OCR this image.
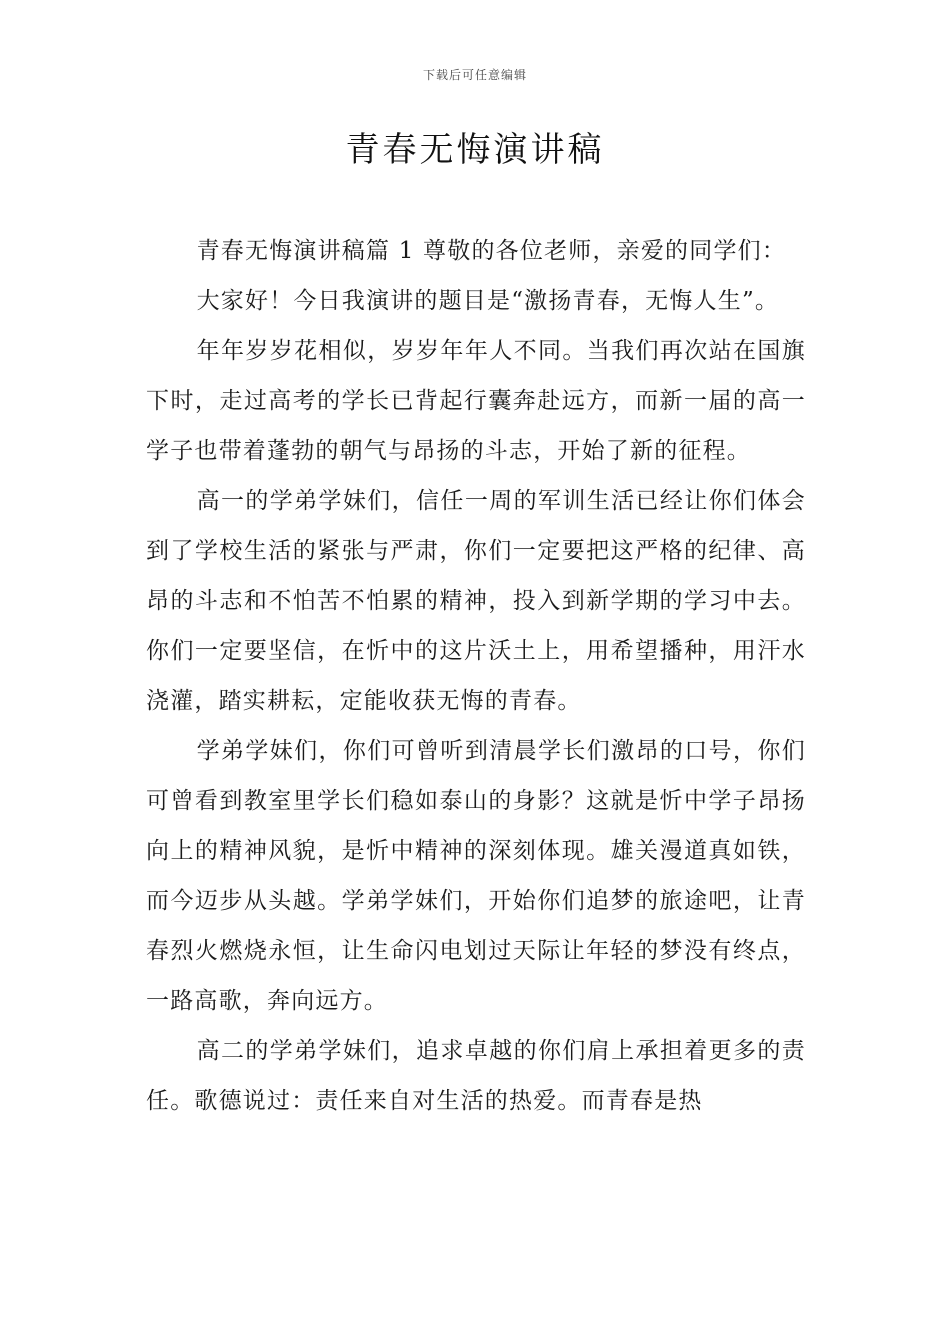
下载后可任意编辑
青春无悔演讲稿

青春无悔演讲稿篇 1 尊敬的各位老师，亲爱的同学们：

大家好！今日我演讲的题目是“激扬青春，无悔人生”。

年年岁岁花相似，岁岁年年人不同。当我们再次站在国旗下时，走过高考的学长已背起行囊奔赴远方，而新一届的高一学子也带着蓬勃的朝气与昂扬的斗志，开始了新的征程。

高一的学弟学妹们，信任一周的军训生活已经让你们体会到了学校生活的紧张与严肃，你们一定要把这严格的纪律、高昂的斗志和不怕苦不怕累的精神，投入到新学期的学习中去。你们一定要坚信，在忻中的这片沃土上，用希望播种，用汗水浇灌，踏实耕耘，定能收获无悔的青春。

学弟学妹们，你们可曾听到清晨学长们激昂的口号，你们可曾看到教室里学长们稳如泰山的身影？这就是忻中学子昂扬向上的精神风貌，是忻中精神的深刻体现。雄关漫道真如铁，而今迈步从头越。学弟学妹们，开始你们追梦的旅途吧，让青春烈火燃烧永恒，让生命闪电划过天际让年轻的梦没有终点，一路高歌，奔向远方。

高二的学弟学妹们，追求卓越的你们肩上承担着更多的责任。歌德说过：责任来自对生活的热爱。而青春是热
